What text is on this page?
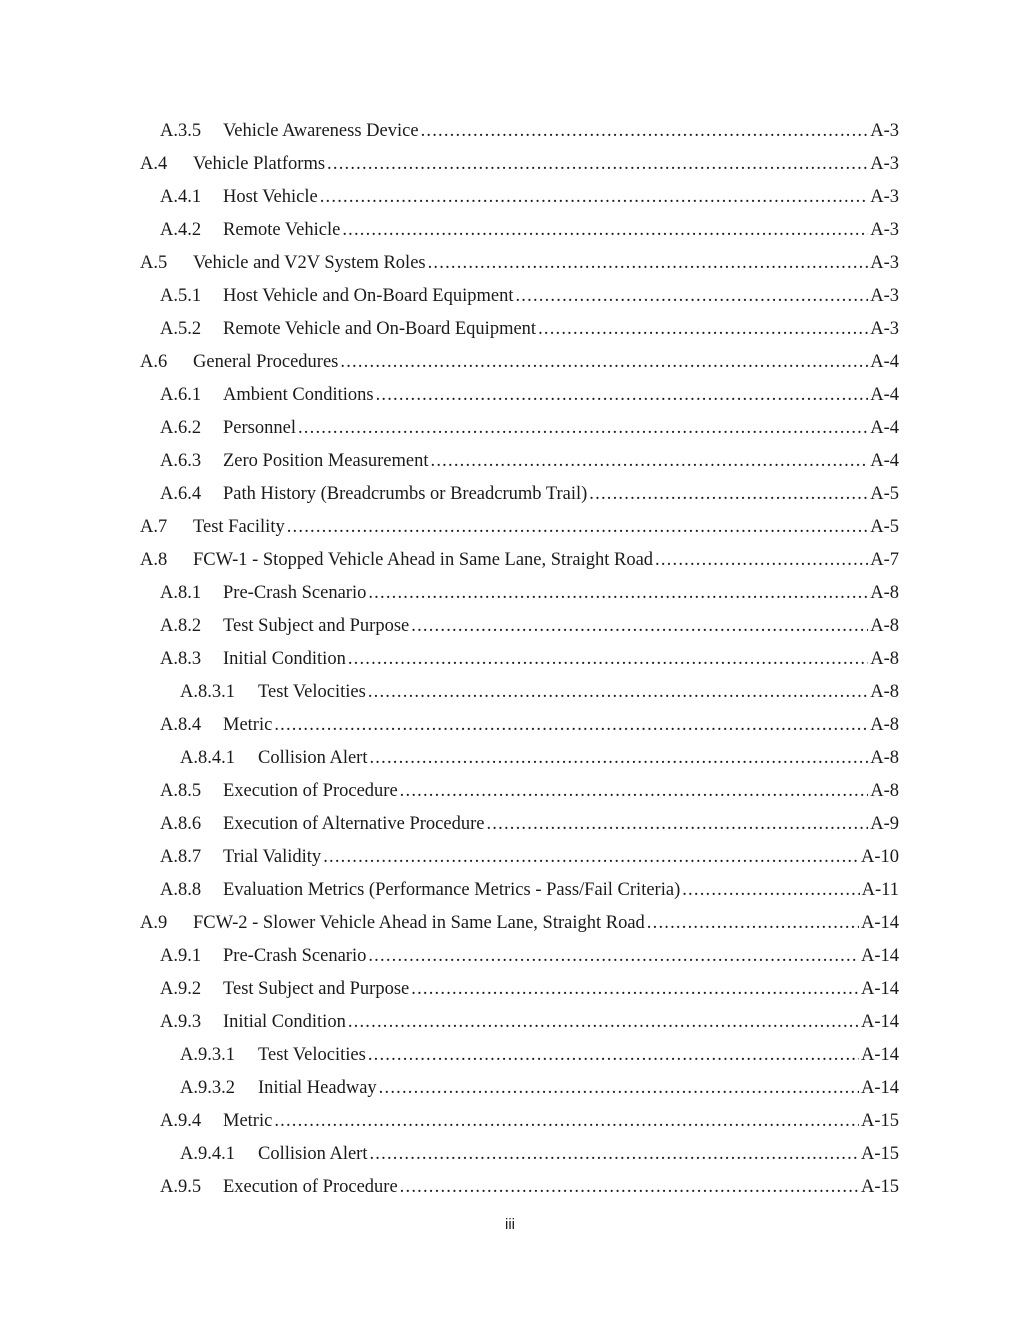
A.3.5	Vehicle Awareness Device .....	A-3
A.4	Vehicle Platforms .....	A-3
A.4.1	Host Vehicle .....	A-3
A.4.2	Remote Vehicle .....	A-3
A.5	Vehicle and V2V System Roles .....	A-3
A.5.1	Host Vehicle and On-Board Equipment .....	A-3
A.5.2	Remote Vehicle and On-Board Equipment .....	A-3
A.6	General Procedures .....	A-4
A.6.1	Ambient Conditions .....	A-4
A.6.2	Personnel .....	A-4
A.6.3	Zero Position Measurement .....	A-4
A.6.4	Path History (Breadcrumbs or Breadcrumb Trail) .....	A-5
A.7	Test Facility .....	A-5
A.8	FCW-1 - Stopped Vehicle Ahead in Same Lane, Straight Road .....	A-7
A.8.1	Pre-Crash Scenario .....	A-8
A.8.2	Test Subject and Purpose .....	A-8
A.8.3	Initial Condition .....	A-8
A.8.3.1	Test Velocities .....	A-8
A.8.4	Metric .....	A-8
A.8.4.1	Collision Alert .....	A-8
A.8.5	Execution of Procedure .....	A-8
A.8.6	Execution of Alternative Procedure .....	A-9
A.8.7	Trial Validity .....	A-10
A.8.8	Evaluation Metrics (Performance Metrics - Pass/Fail Criteria) .....	A-11
A.9	FCW-2 - Slower Vehicle Ahead in Same Lane, Straight Road .....	A-14
A.9.1	Pre-Crash Scenario .....	A-14
A.9.2	Test Subject and Purpose .....	A-14
A.9.3	Initial Condition .....	A-14
A.9.3.1	Test Velocities .....	A-14
A.9.3.2	Initial Headway .....	A-14
A.9.4	Metric .....	A-15
A.9.4.1	Collision Alert .....	A-15
A.9.5	Execution of Procedure .....	A-15
iii
